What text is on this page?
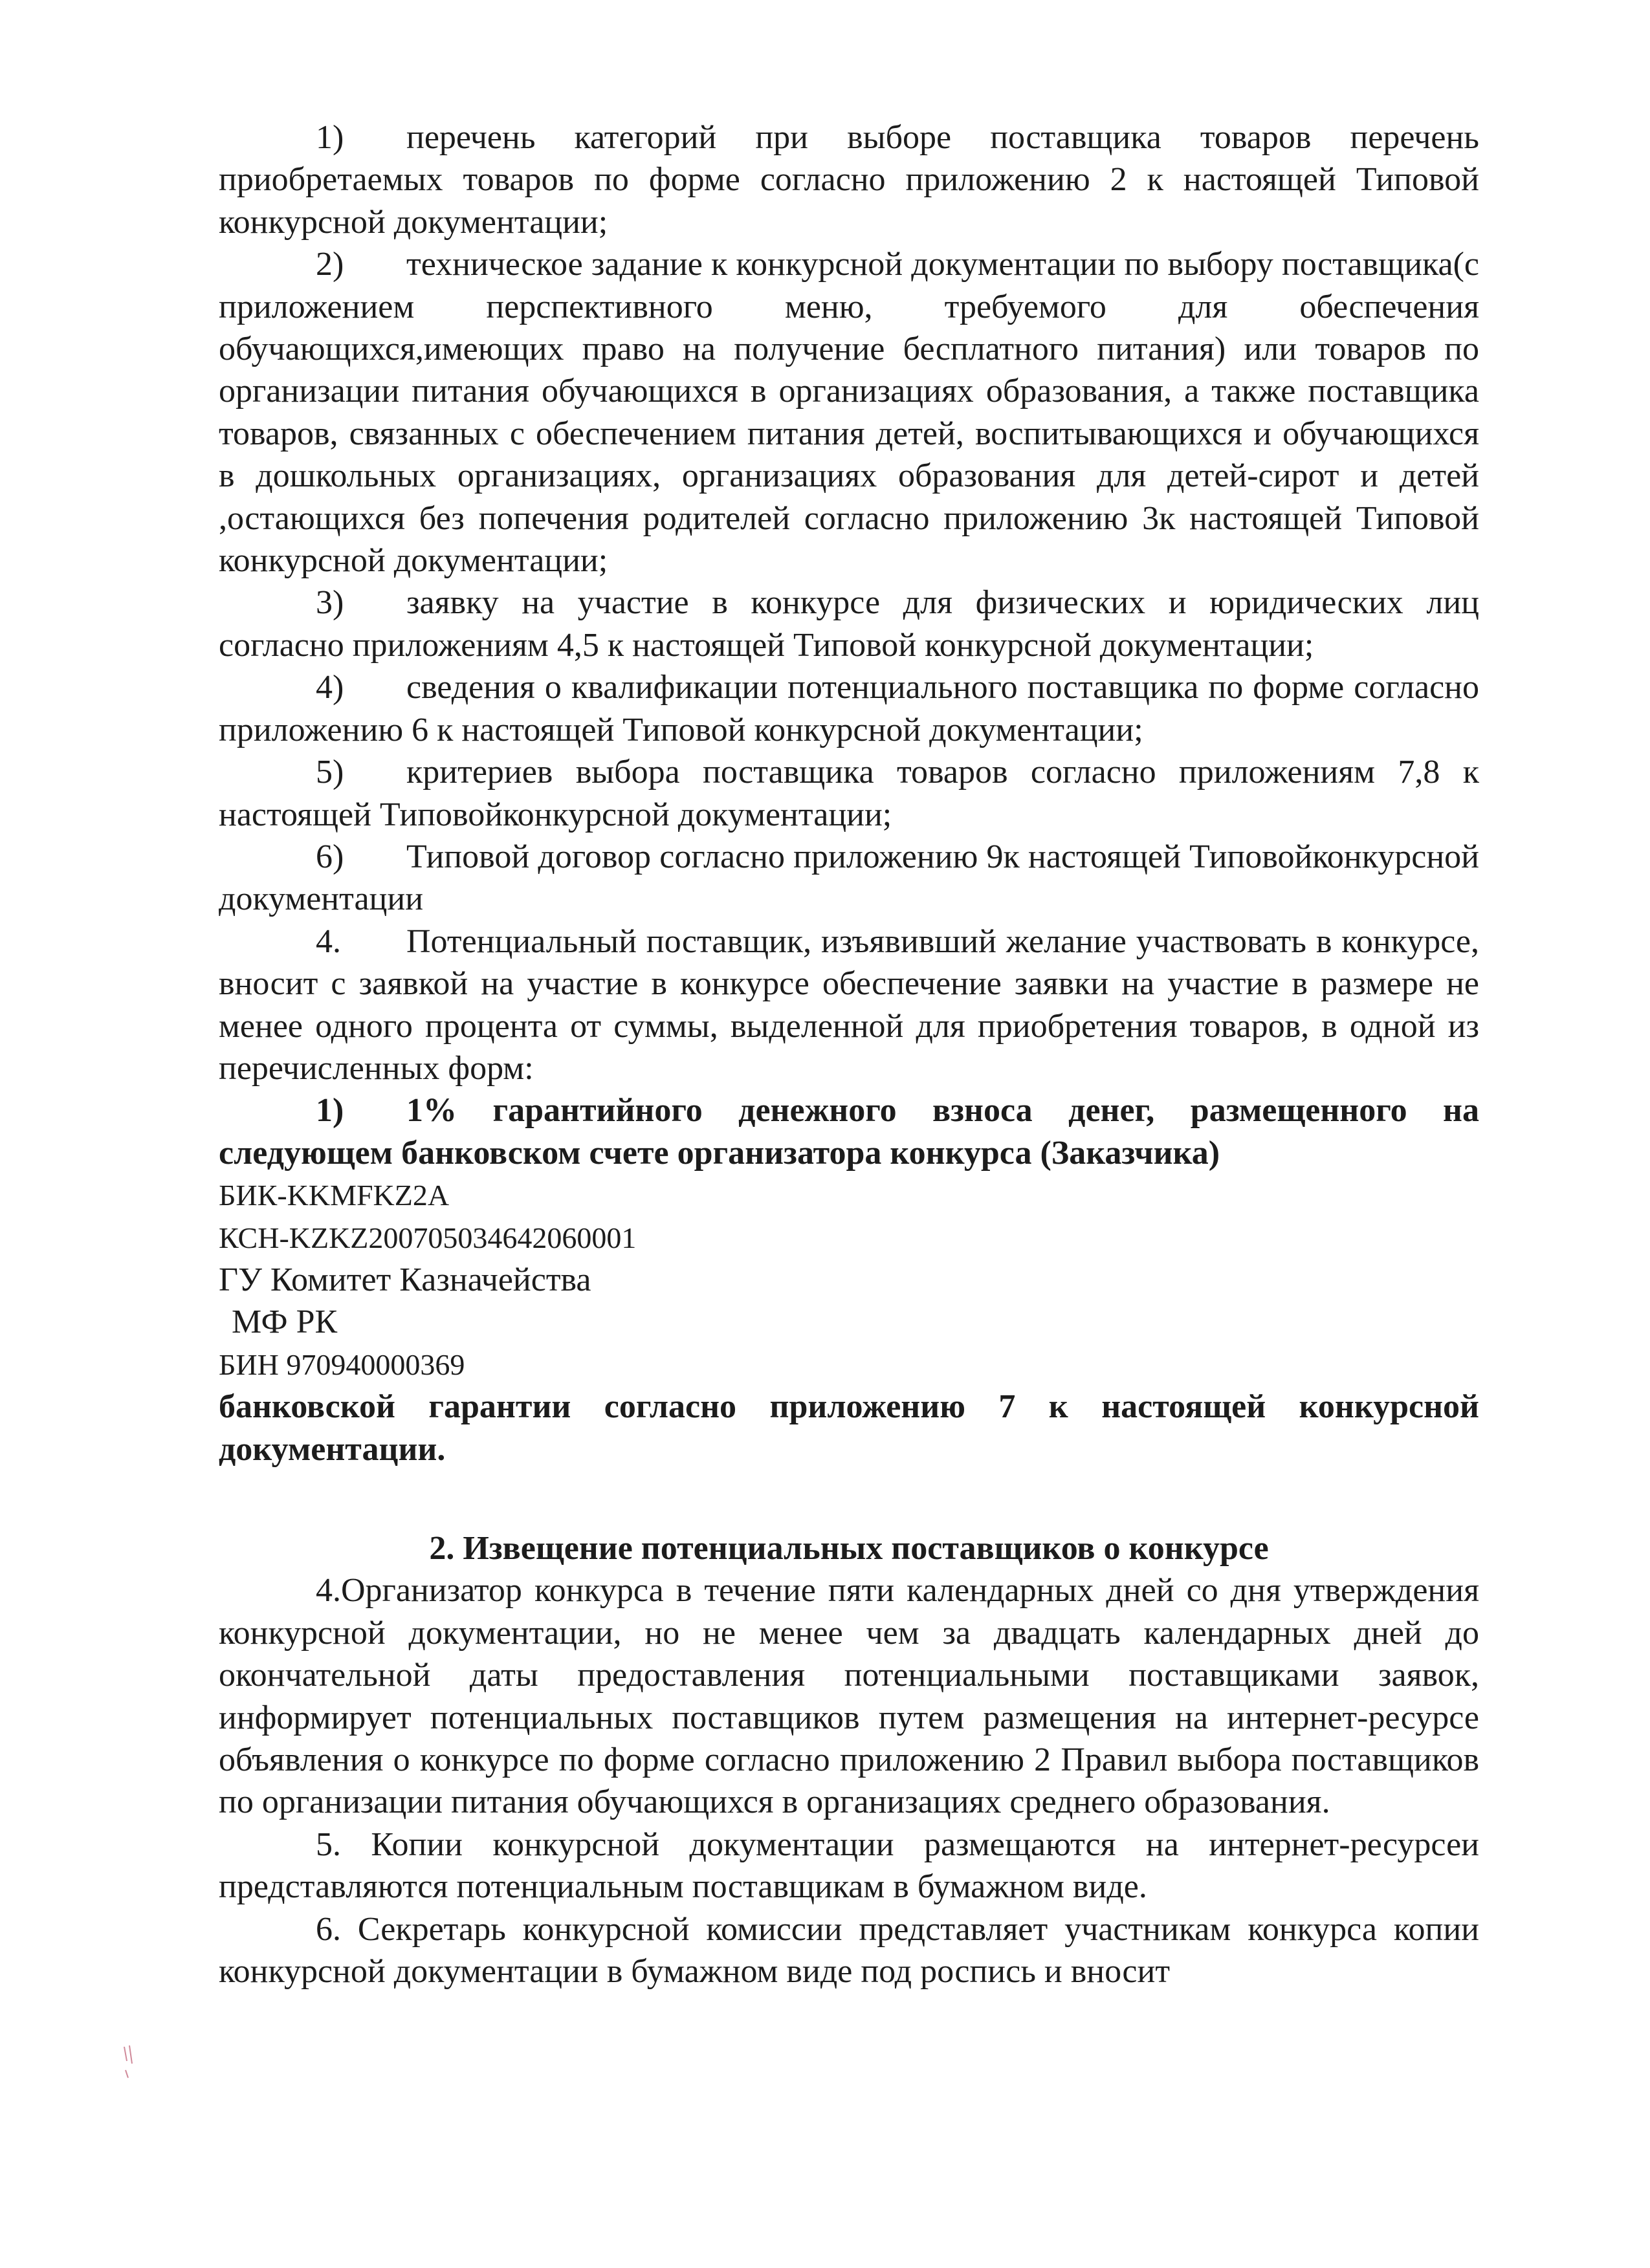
1) перечень категорий при выборе поставщика товаров перечень приобретаемых товаров по форме согласно приложению 2 к настоящей Типовой конкурсной документации;

2) техническое задание к конкурсной документации по выбору поставщика(с приложением перспективного меню, требуемого для обеспечения обучающихся,имеющих право на получение бесплатного питания) или товаров по организации питания обучающихся в организациях образования, а также поставщика товаров, связанных с обеспечением питания детей, воспитывающихся и обучающихся в дошкольных организациях, организациях образования для детей-сирот и детей ,остающихся без попечения родителей согласно приложению 3к настоящей Типовой конкурсной документации;

3) заявку на участие в конкурсе для физических и юридических лиц согласно приложениям 4,5 к настоящей Типовой конкурсной документации;

4) сведения о квалификации потенциального поставщика по форме согласно приложению 6 к настоящей Типовой конкурсной документации;

5) критериев выбора поставщика товаров согласно приложениям 7,8 к настоящей Типовойконкурсной документации;

6) Типовой договор согласно приложению 9к настоящей Типовойконкурсной документации

4. Потенциальный поставщик, изъявивший желание участвовать в конкурсе, вносит с заявкой на участие в конкурсе обеспечение заявки на участие в размере не менее одного процента от суммы, выделенной для приобретения товаров, в одной из перечисленных форм:

1) 1% гарантийного денежного взноса денег, размещенного на следующем банковском счете организатора конкурса (Заказчика)

БИК-KKMFKZ2A

КСН-KZKZ200705034642060001

ГУ Комитет Казначейства

МФ РК

БИН 970940000369

банковской гарантии согласно приложению 7 к настоящей конкурсной документации.

2. Извещение потенциальных поставщиков о конкурсе

4.Организатор конкурса в течение пяти календарных дней со дня утверждения конкурсной документации, но не менее чем за двадцать календарных дней до окончательной даты предоставления потенциальными поставщиками заявок, информирует потенциальных поставщиков путем размещения на интернет-ресурсе объявления о конкурсе по форме согласно приложению 2 Правил выбора поставщиков по организации питания обучающихся в организациях среднего образования.

5. Копии конкурсной документации размещаются на интернет-ресурсеи представляются потенциальным поставщикам в бумажном виде.

6. Секретарь конкурсной комиссии представляет участникам конкурса копии конкурсной документации в бумажном виде под роспись и вносит
